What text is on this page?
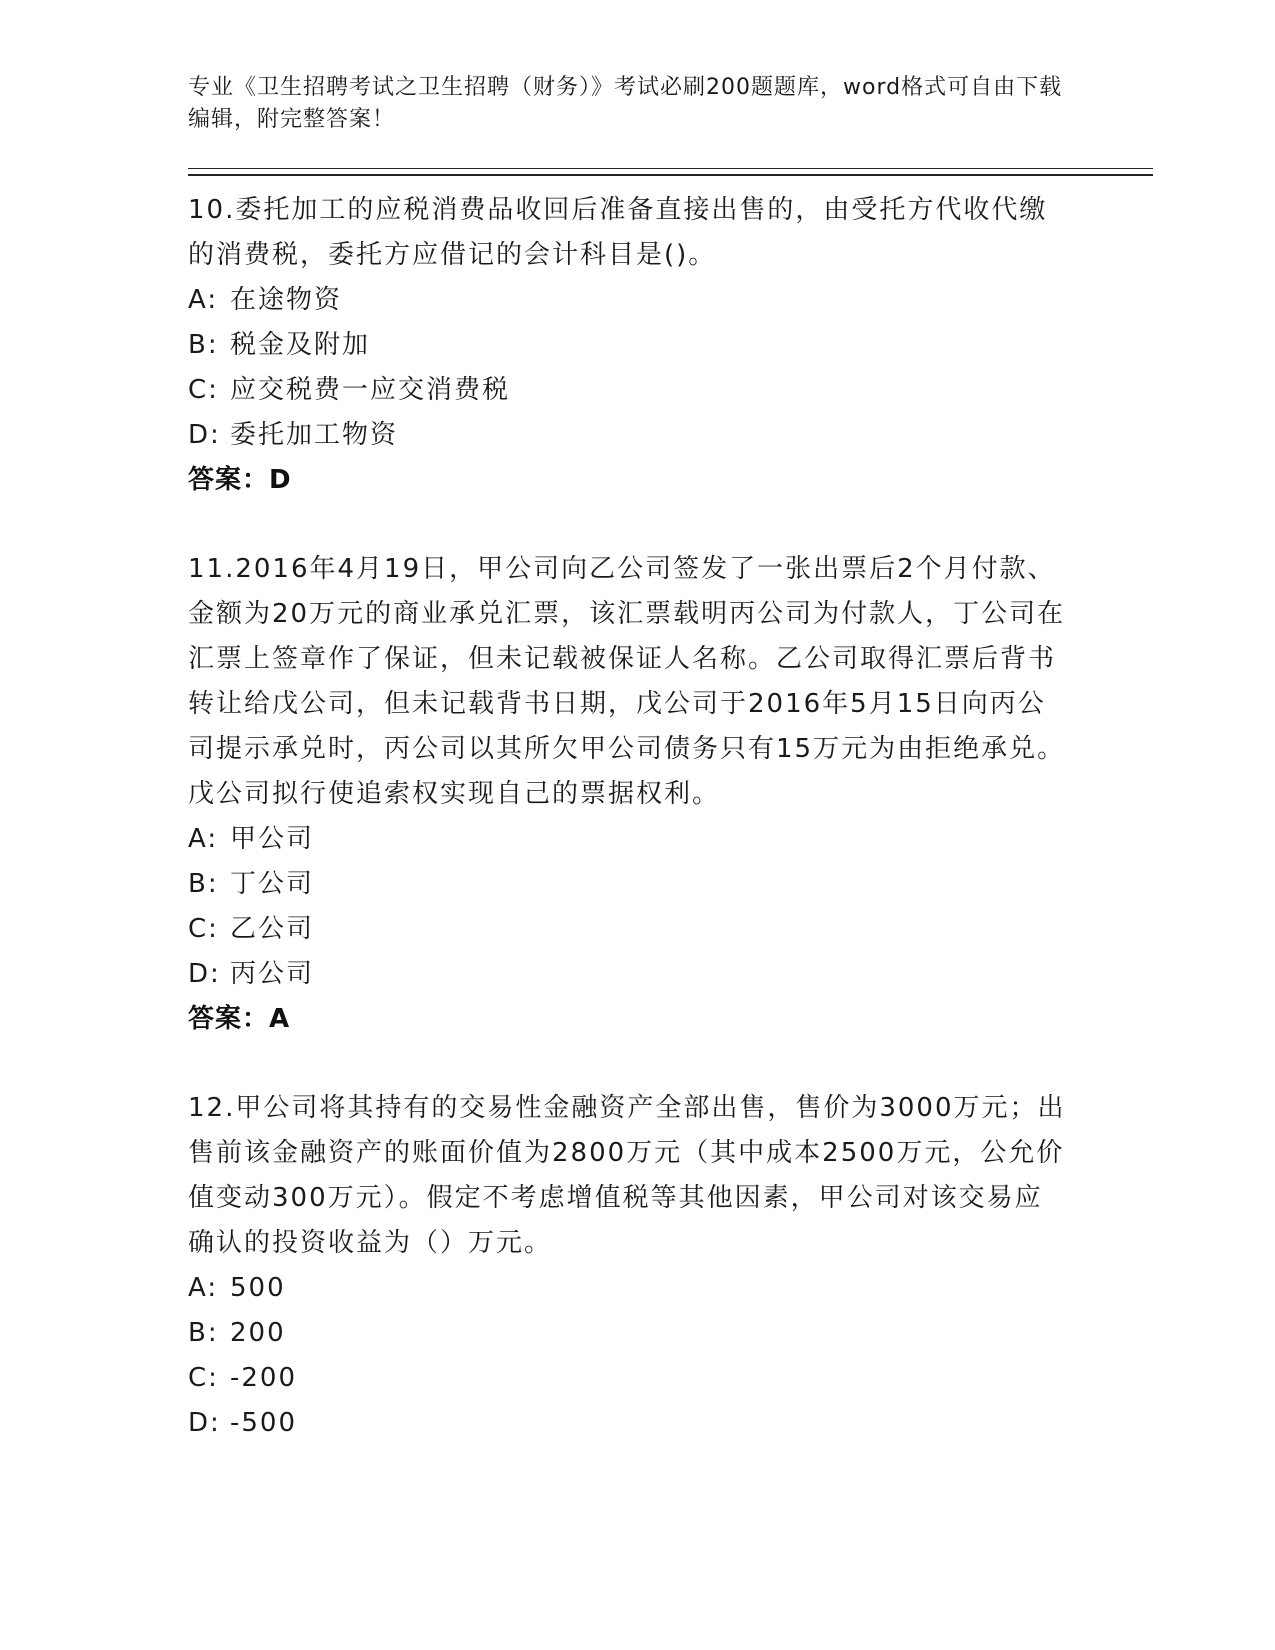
专业《卫生招聘考试之卫生招聘（财务）》考试必刷200题题库，word格式可自由下载编辑，附完整答案！

10.委托加工的应税消费品收回后准备直接出售的，由受托方代收代缴的消费税，委托方应借记的会计科目是()。

A: 在途物资
B: 税金及附加
C: 应交税费一应交消费税
D: 委托加工物资
答案：D

11.2016年4月19日，甲公司向乙公司签发了一张出票后2个月付款、金额为20万元的商业承兑汇票，该汇票载明丙公司为付款人，丁公司在汇票上签章作了保证，但未记载被保证人名称。乙公司取得汇票后背书转让给戊公司，但未记载背书日期，戊公司于2016年5月15日向丙公司提示承兑时，丙公司以其所欠甲公司债务只有15万元为由拒绝承兑。戊公司拟行使追索权实现自己的票据权利。

A: 甲公司
B: 丁公司
C: 乙公司
D: 丙公司
答案：A

12.甲公司将其持有的交易性金融资产全部出售，售价为3000万元；出售前该金融资产的账面价值为2800万元（其中成本2500万元，公允价值变动300万元）。假定不考虑增值税等其他因素，甲公司对该交易应确认的投资收益为（）万元。

A: 500
B: 200
C: -200
D: -500
